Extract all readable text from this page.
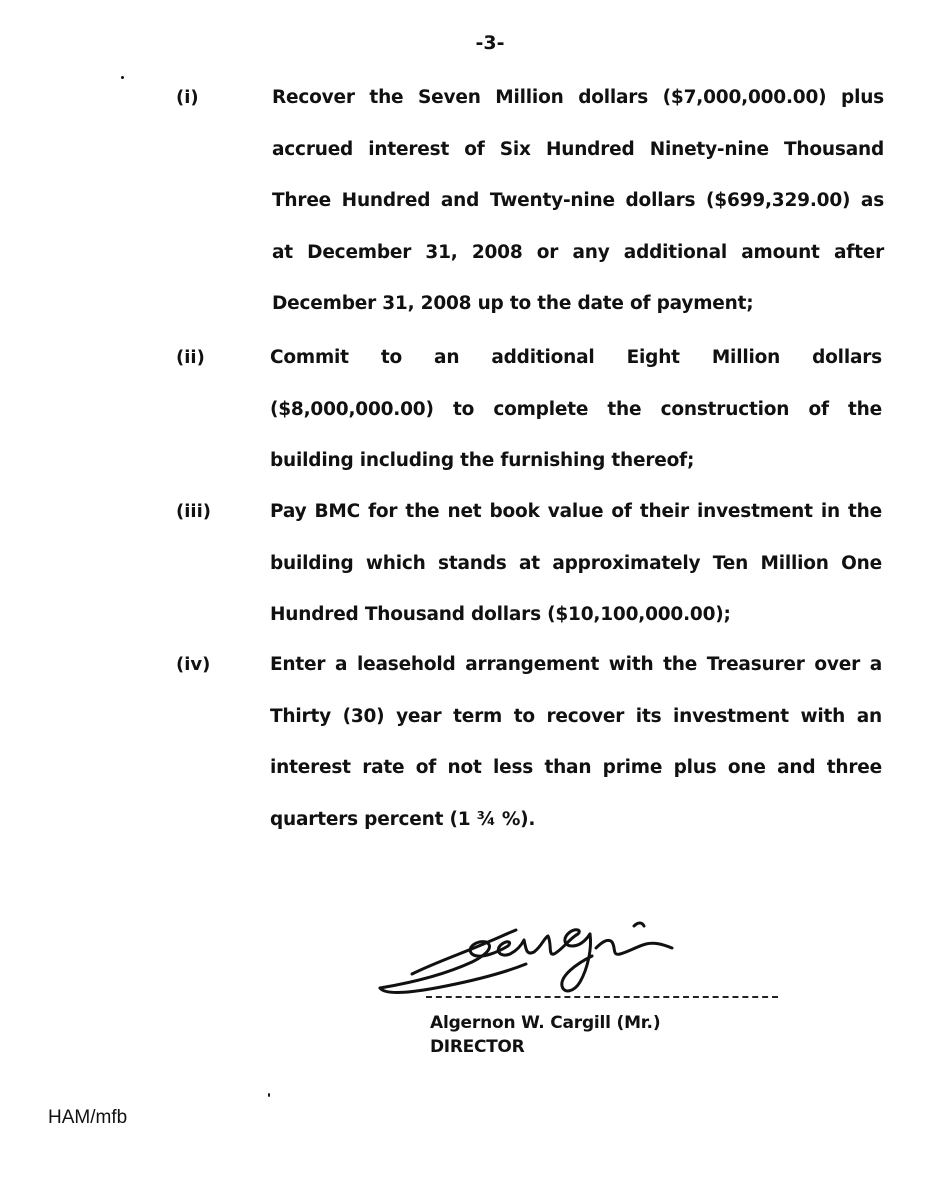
-3-
(i)	Recover the Seven Million dollars ($7,000,000.00) plus accrued interest of Six Hundred Ninety-nine Thousand Three Hundred and Twenty-nine dollars ($699,329.00) as at December 31, 2008 or any additional amount after December 31, 2008 up to the date of payment;
(ii)	Commit to an additional Eight Million dollars ($8,000,000.00) to complete the construction of the building including the furnishing thereof;
(iii)	Pay BMC for the net book value of their investment in the building which stands at approximately Ten Million One Hundred Thousand dollars ($10,100,000.00);
(iv)	Enter a leasehold arrangement with the Treasurer over a Thirty (30) year term to recover its investment with an interest rate of not less than prime plus one and three quarters percent (1 ¾ %).
Algernon W. Cargill (Mr.)
DIRECTOR
HAM/mfb
